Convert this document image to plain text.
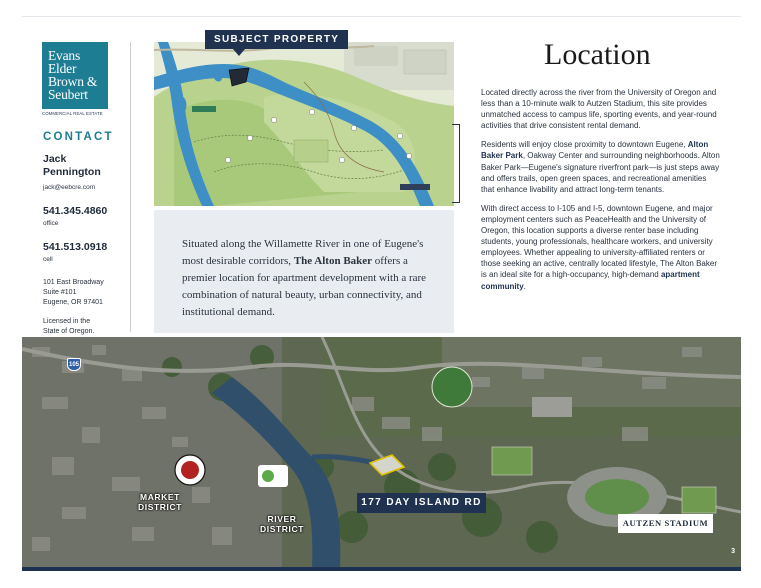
Evans
Elder
Brown &
Seubert
COMMERCIAL REAL ESTATE
CONTACT
Jack Pennington
jack@eebcre.com
541.345.4860
office
541.513.0918
cell
101 East Broadway
Suite #101
Eugene, OR 97401
Licensed in the State of Oregon.
SUBJECT PROPERTY
Situated along the Willamette River in one of Eugene's most desirable corridors, The Alton Baker offers a premier location for apartment development with a rare combination of natural beauty, urban connectivity, and institutional demand.
Location

Located directly across the river from the University of Oregon and less than a 10-minute walk to Autzen Stadium, this site provides unmatched access to campus life, sporting events, and year-round activities that drive consistent rental demand.

Residents will enjoy close proximity to downtown Eugene, Alton Baker Park, Oakway Center and surrounding neighborhoods. Alton Baker Park—Eugene's signature riverfront park—is just steps away and offers trails, open green spaces, and recreational amenities that enhance livability and attract long-term tenants.

With direct access to I-105 and I-5, downtown Eugene, and major employment centers such as PeaceHealth and the University of Oregon, this location supports a diverse renter base including students, young professionals, healthcare workers, and university employees. Whether appealing to university-affiliated renters or those seeking an active, centrally located lifestyle, The Alton Baker is an ideal site for a high-occupancy, high-demand apartment community.

105
MARKET
DISTRICT
RIVER
DISTRICT
177 DAY ISLAND RD
AUTZEN STADIUM
3
